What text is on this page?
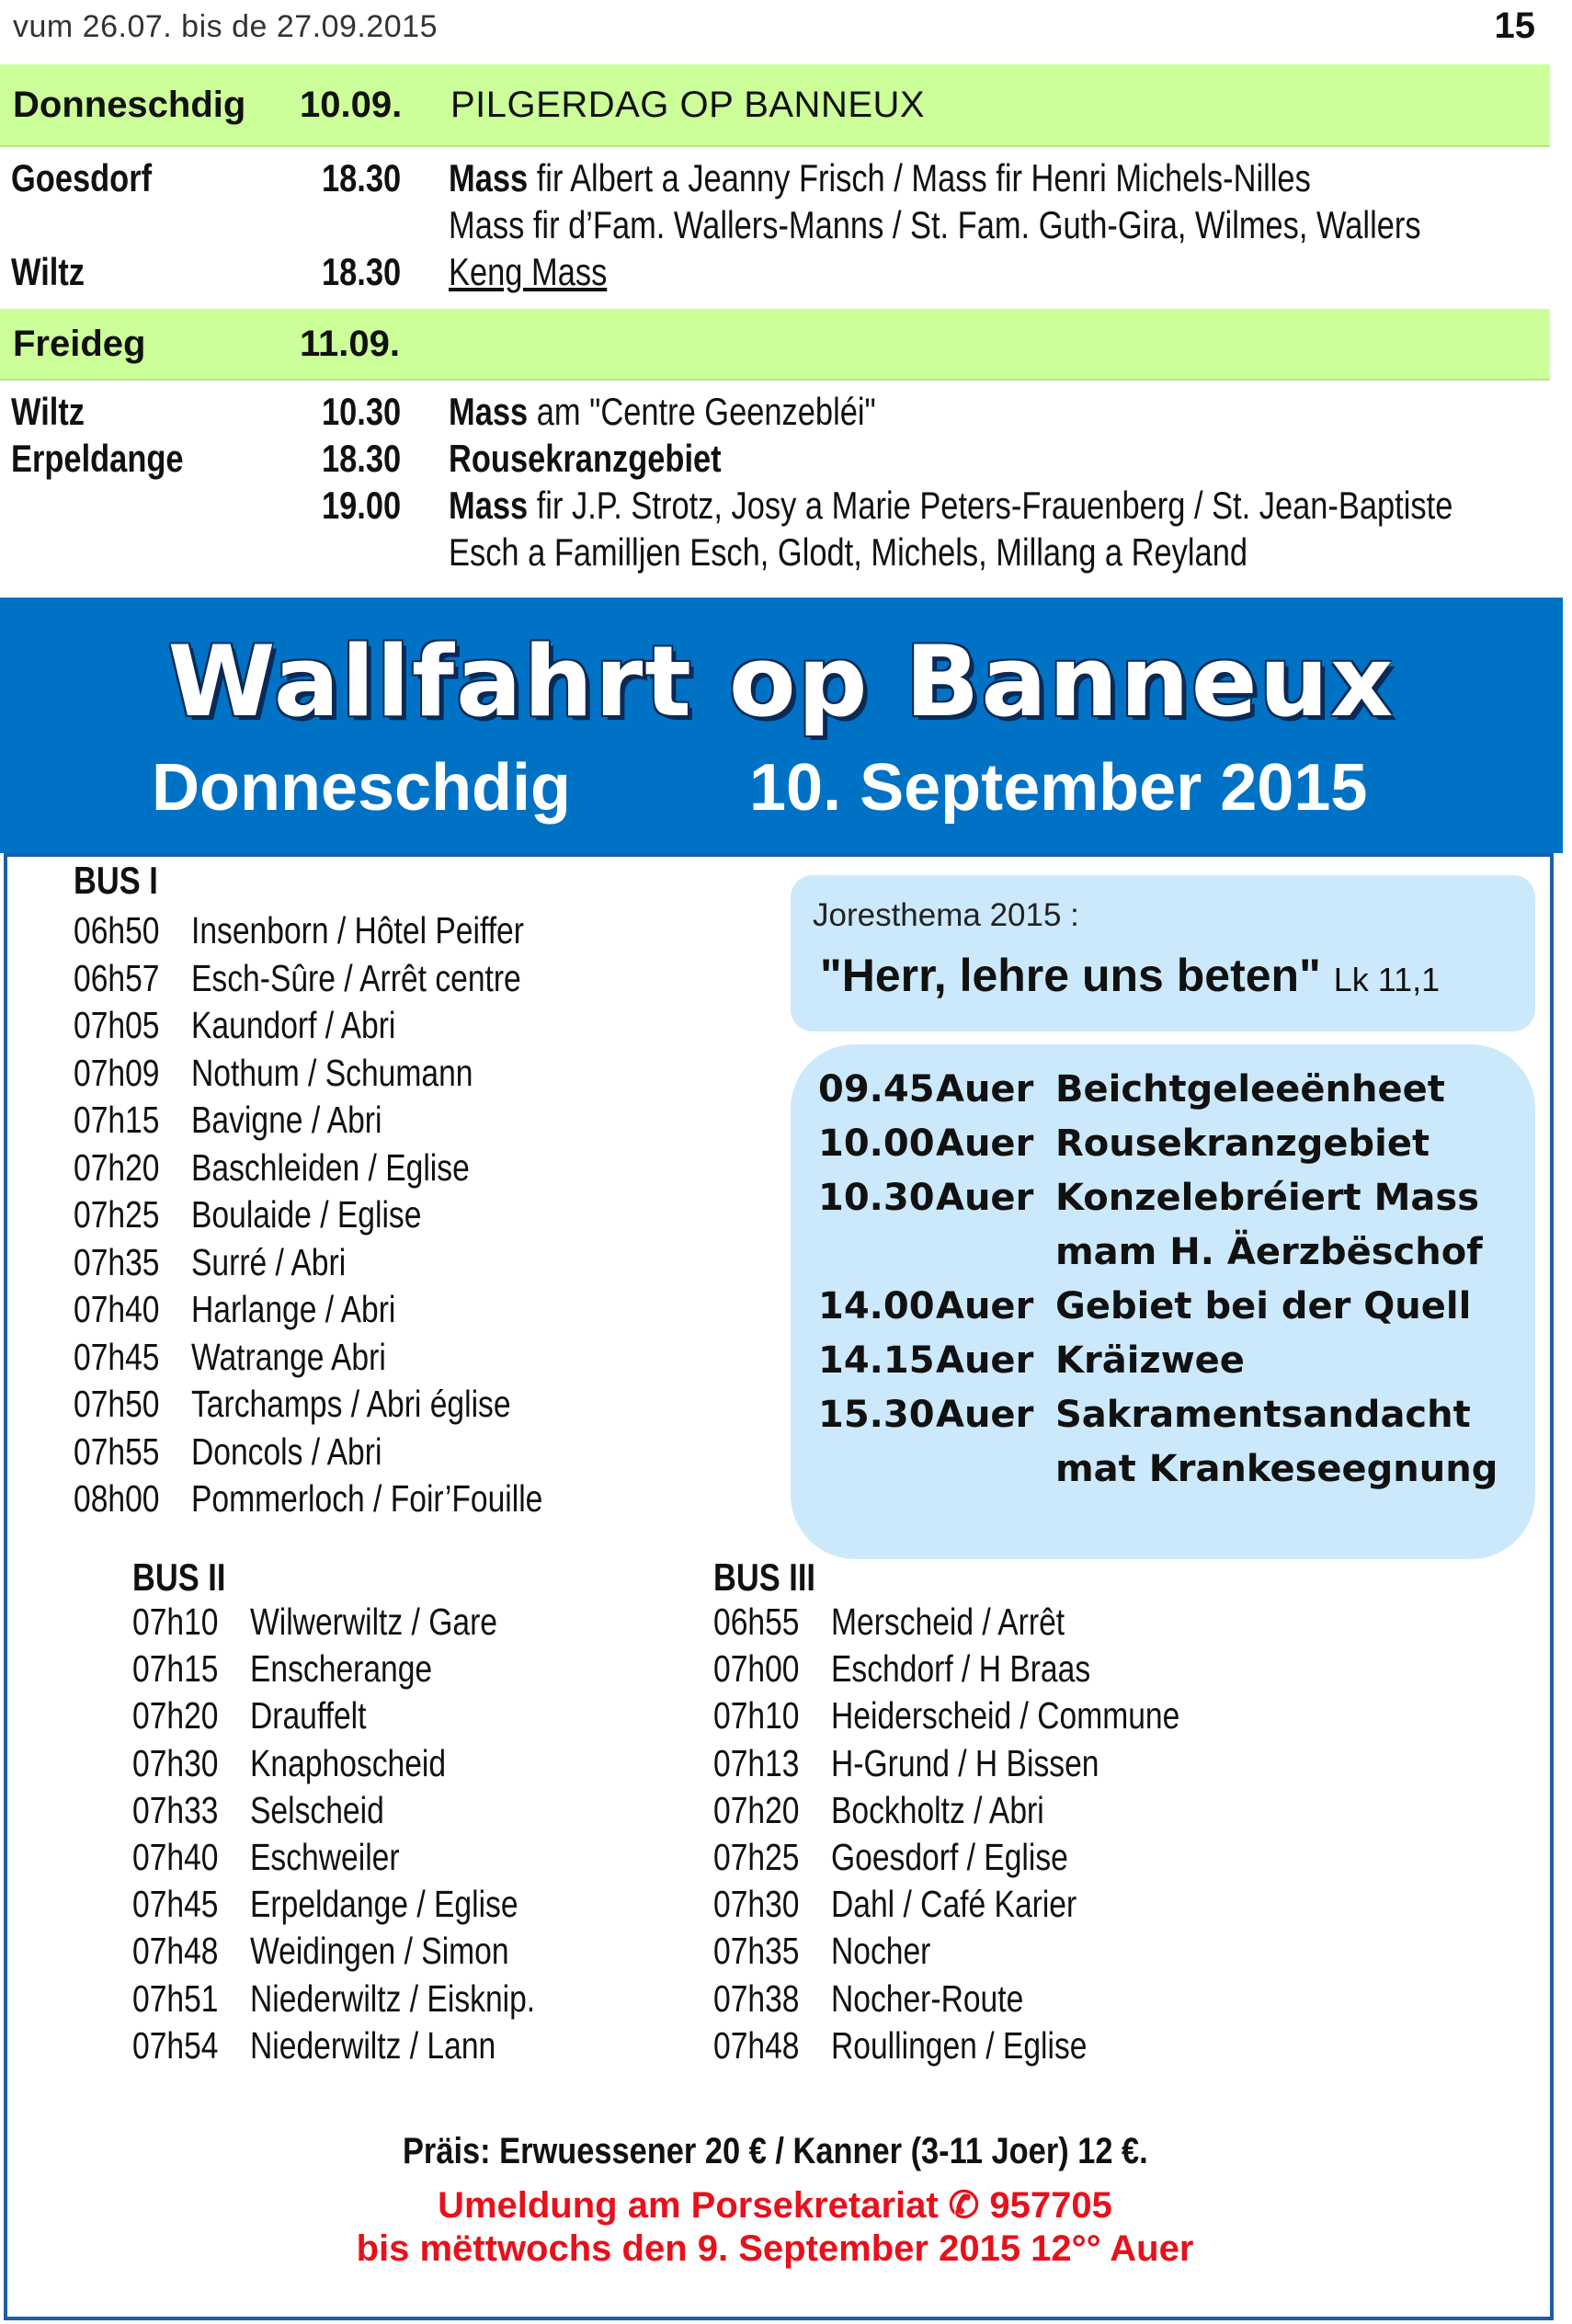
vum 26.07. bis de 27.09.2015	15
Donneschdig 10.09. PILGERDAG OP BANNEUX
Goesdorf	18.30	Mass fir Albert a Jeanny Frisch / Mass fir Henri Michels-Nilles
Mass fir d’Fam. Wallers-Manns / St. Fam. Guth-Gira, Wilmes, Wallers
Wiltz	18.30	Keng Mass
Freideg	11.09.
Wiltz	10.30	Mass am "Centre Geenzebléi"
Erpeldange	18.30	Rousekranzgebiet
19.00	Mass fir J.P. Strotz, Josy a Marie Peters-Frauenberg / St. Jean-Baptiste
Esch a Familljen Esch, Glodt, Michels, Millang a Reyland
Wallfahrt op Banneux
Donneschdig	10. September 2015
BUS I
06h50 Insenborn / Hôtel Peiffer
06h57 Esch-Sûre / Arrêt centre
07h05 Kaundorf / Abri
07h09 Nothum / Schumann
07h15 Bavigne / Abri
07h20 Baschleiden / Eglise
07h25 Boulaide / Eglise
07h35 Surré / Abri
07h40 Harlange / Abri
07h45 Watrange Abri
07h50 Tarchamps / Abri église
07h55 Doncols / Abri
08h00 Pommerloch / Foir’Fouille
BUS II
07h10 Wilwerwiltz / Gare
07h15 Enscherange
07h20 Drauffelt
07h30 Knaphoscheid
07h33 Selscheid
07h40 Eschweiler
07h45 Erpeldange / Eglise
07h48 Weidingen / Simon
07h51 Niederwiltz / Eisknip.
07h54 Niederwiltz / Lann
BUS III
06h55 Merscheid / Arrêt
07h00 Eschdorf / H Braas
07h10 Heiderscheid / Commune
07h13 H-Grund / H Bissen
07h20 Bockholtz / Abri
07h25 Goesdorf / Eglise
07h30 Dahl / Café Karier
07h35 Nocher
07h38 Nocher-Route
07h48 Roullingen / Eglise
Joresthema 2015 :
"Herr, lehre uns beten" Lk 11,1
09.45 Auer Beichtgeleeënheet
10.00 Auer Rousekranzgebiet
10.30 Auer Konzelebréiert Mass
mam H. Äerzbëschof
14.00 Auer Gebiet bei der Quell
14.15 Auer Kräizwee
15.30 Auer Sakramentsandacht
mat Krankeseegnung
Präis: Erwuessener 20 € / Kanner (3-11 Joer) 12 €.
Umeldung am Porsekretariat ✆ 957705
bis mëttwochs den 9. September 2015 12°° Auer
